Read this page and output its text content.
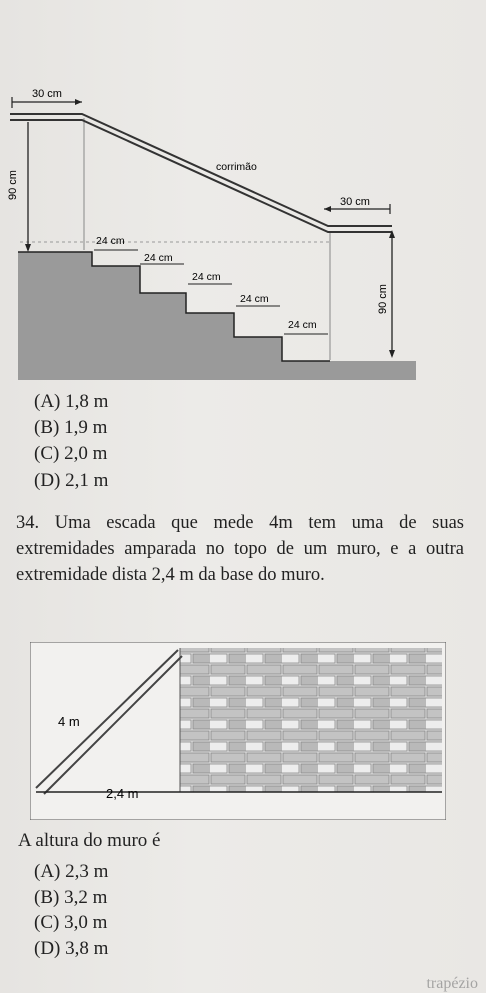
30 cm
90 cm
corrimão
30 cm
90 cm
24 cm
24 cm
24 cm
24 cm
24 cm
(A) 1,8 m
(B) 1,9 m
(C) 2,0 m
(D) 2,1 m
34. Uma escada que mede 4m tem uma de suas extremidades amparada no topo de um muro, e a outra extremidade dista 2,4 m da base do muro.
4 m
2,4 m
A altura do muro é
(A) 2,3 m
(B) 3,2 m
(C) 3,0 m
(D) 3,8 m
trapézio
